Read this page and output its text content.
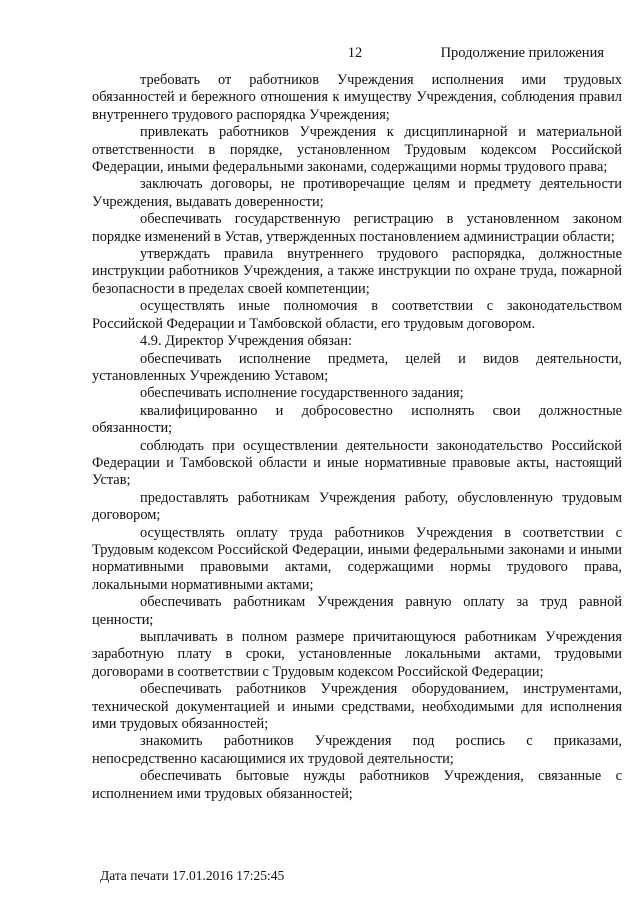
12	Продолжение приложения

требовать от работников Учреждения исполнения ими трудовых обязанностей и бережного отношения к имуществу Учреждения, соблюдения правил внутреннего трудового распорядка Учреждения;

привлекать работников Учреждения к дисциплинарной и материальной ответственности в порядке, установленном Трудовым кодексом Российской Федерации, иными федеральными законами, содержащими нормы трудового права;

заключать договоры, не противоречащие целям и предмету деятельности Учреждения, выдавать доверенности;

обеспечивать государственную регистрацию в установленном законом порядке изменений в Устав, утвержденных постановлением администрации области;

утверждать правила внутреннего трудового распорядка, должностные инструкции работников Учреждения, а также инструкции по охране труда, пожарной безопасности в пределах своей компетенции;

осуществлять иные полномочия в соответствии с законодательством Российской Федерации и Тамбовской области, его трудовым договором.

4.9. Директор Учреждения обязан:

обеспечивать исполнение предмета, целей и видов деятельности, установленных Учреждению Уставом;

обеспечивать исполнение государственного задания;

квалифицированно и добросовестно исполнять свои должностные обязанности;

соблюдать при осуществлении деятельности законодательство Российской Федерации и Тамбовской области и иные нормативные правовые акты, настоящий Устав;

предоставлять работникам Учреждения работу, обусловленную трудовым договором;

осуществлять оплату труда работников Учреждения в соответствии с Трудовым кодексом Российской Федерации, иными федеральными законами и иными нормативными правовыми актами, содержащими нормы трудового права, локальными нормативными актами;

обеспечивать работникам Учреждения равную оплату за труд равной ценности;

выплачивать в полном размере причитающуюся работникам Учреждения заработную плату в сроки, установленные локальными актами, трудовыми договорами в соответствии с Трудовым кодексом Российской Федерации;

обеспечивать работников Учреждения оборудованием, инструментами, технической документацией и иными средствами, необходимыми для исполнения ими трудовых обязанностей;

знакомить работников Учреждения под роспись с приказами, непосредственно касающимися их трудовой деятельности;

обеспечивать бытовые нужды работников Учреждения, связанные с исполнением ими трудовых обязанностей;

Дата печати 17.01.2016 17:25:45
